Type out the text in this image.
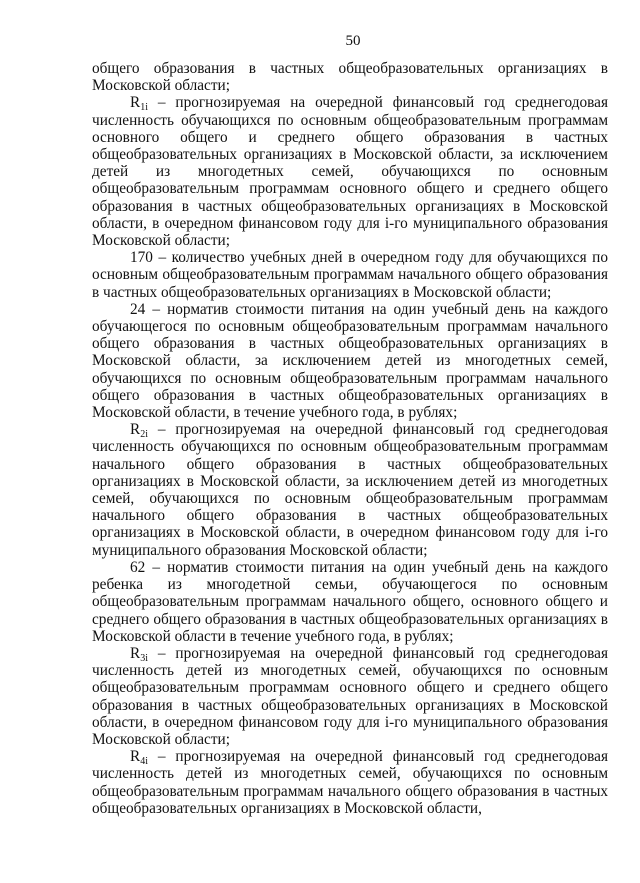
50

общего образования в частных общеобразовательных организациях в Московской области;

$R_{1i}$ – прогнозируемая на очередной финансовый год среднегодовая численность обучающихся по основным общеобразовательным программам основного общего и среднего общего образования в частных общеобразовательных организациях в Московской области, за исключением детей из многодетных семей, обучающихся по основным общеобразовательным программам основного общего и среднего общего образования в частных общеобразовательных организациях в Московской области, в очередном финансовом году для i-го муниципального образования Московской области;

170 – количество учебных дней в очередном году для обучающихся по основным общеобразовательным программам начального общего образования в частных общеобразовательных организациях в Московской области;

24 – норматив стоимости питания на один учебный день на каждого обучающегося по основным общеобразовательным программам начального общего образования в частных общеобразовательных организациях в Московской области, за исключением детей из многодетных семей, обучающихся по основным общеобразовательным программам начального общего образования в частных общеобразовательных организациях в Московской области, в течение учебного года, в рублях;

$R_{2i}$ – прогнозируемая на очередной финансовый год среднегодовая численность обучающихся по основным общеобразовательным программам начального общего образования в частных общеобразовательных организациях в Московской области, за исключением детей из многодетных семей, обучающихся по основным общеобразовательным программам начального общего образования в частных общеобразовательных организациях в Московской области, в очередном финансовом году для i-го муниципального образования Московской области;

62 – норматив стоимости питания на один учебный день на каждого ребенка из многодетной семьи, обучающегося по основным общеобразовательным программам начального общего, основного общего и среднего общего образования в частных общеобразовательных организациях в Московской области в течение учебного года, в рублях;

$R_{3i}$ – прогнозируемая на очередной финансовый год среднегодовая численность детей из многодетных семей, обучающихся по основным общеобразовательным программам основного общего и среднего общего образования в частных общеобразовательных организациях в Московской области, в очередном финансовом году для i-го муниципального образования Московской области;

$R_{4i}$ – прогнозируемая на очередной финансовый год среднегодовая численность детей из многодетных семей, обучающихся по основным общеобразовательным программам начального общего образования в частных общеобразовательных организациях в Московской области,
